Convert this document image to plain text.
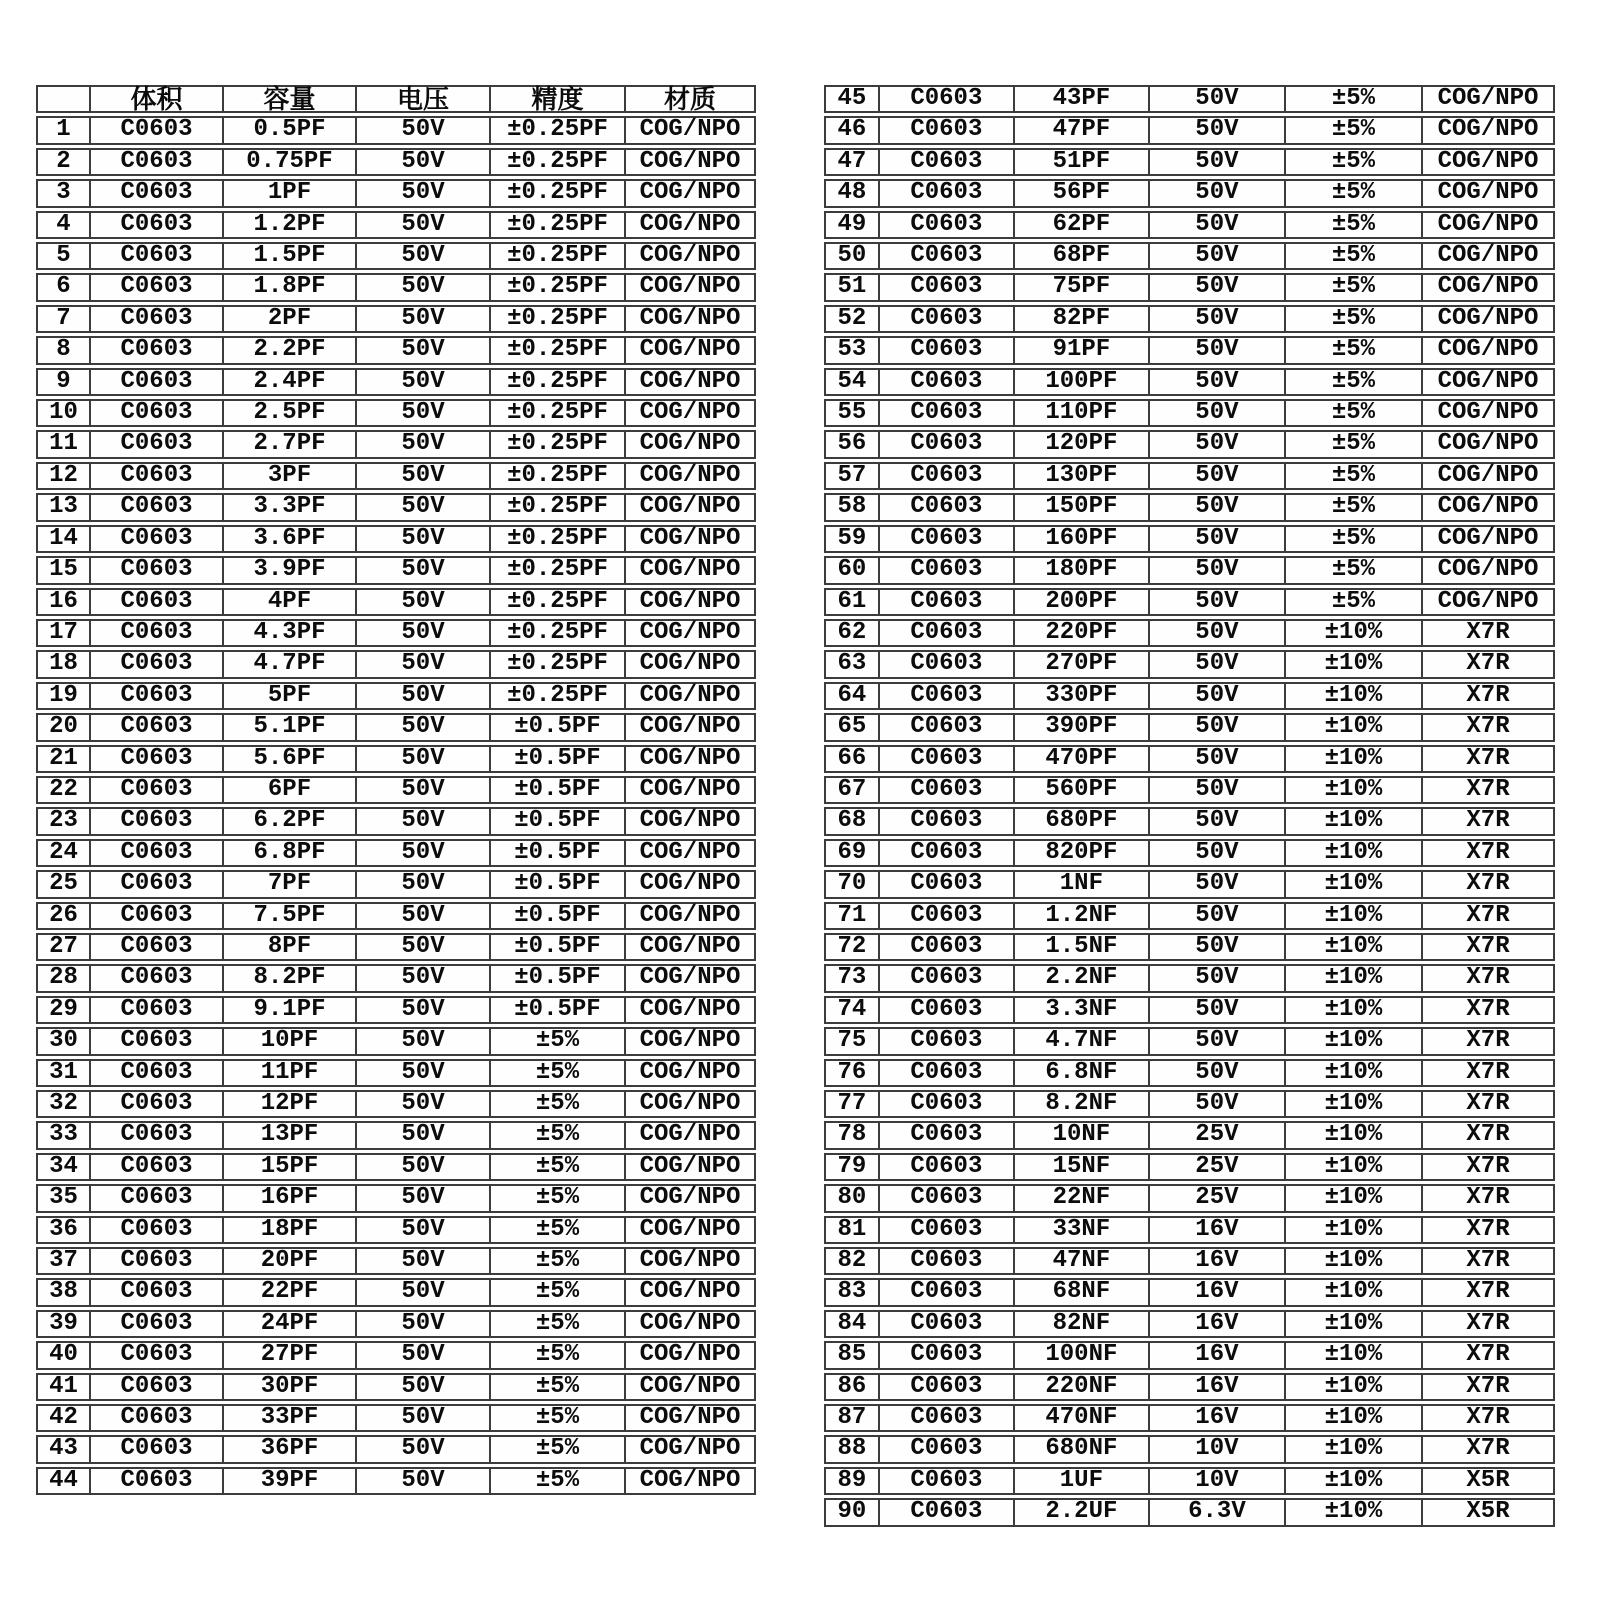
	体积	容量	电压	精度	材质
1	C0603	0.5PF	50V	±0.25PF	COG/NPO
2	C0603	0.75PF	50V	±0.25PF	COG/NPO
3	C0603	1PF	50V	±0.25PF	COG/NPO
4	C0603	1.2PF	50V	±0.25PF	COG/NPO
5	C0603	1.5PF	50V	±0.25PF	COG/NPO
6	C0603	1.8PF	50V	±0.25PF	COG/NPO
7	C0603	2PF	50V	±0.25PF	COG/NPO
8	C0603	2.2PF	50V	±0.25PF	COG/NPO
9	C0603	2.4PF	50V	±0.25PF	COG/NPO
10	C0603	2.5PF	50V	±0.25PF	COG/NPO
11	C0603	2.7PF	50V	±0.25PF	COG/NPO
12	C0603	3PF	50V	±0.25PF	COG/NPO
13	C0603	3.3PF	50V	±0.25PF	COG/NPO
14	C0603	3.6PF	50V	±0.25PF	COG/NPO
15	C0603	3.9PF	50V	±0.25PF	COG/NPO
16	C0603	4PF	50V	±0.25PF	COG/NPO
17	C0603	4.3PF	50V	±0.25PF	COG/NPO
18	C0603	4.7PF	50V	±0.25PF	COG/NPO
19	C0603	5PF	50V	±0.25PF	COG/NPO
20	C0603	5.1PF	50V	±0.5PF	COG/NPO
21	C0603	5.6PF	50V	±0.5PF	COG/NPO
22	C0603	6PF	50V	±0.5PF	COG/NPO
23	C0603	6.2PF	50V	±0.5PF	COG/NPO
24	C0603	6.8PF	50V	±0.5PF	COG/NPO
25	C0603	7PF	50V	±0.5PF	COG/NPO
26	C0603	7.5PF	50V	±0.5PF	COG/NPO
27	C0603	8PF	50V	±0.5PF	COG/NPO
28	C0603	8.2PF	50V	±0.5PF	COG/NPO
29	C0603	9.1PF	50V	±0.5PF	COG/NPO
30	C0603	10PF	50V	±5%	COG/NPO
31	C0603	11PF	50V	±5%	COG/NPO
32	C0603	12PF	50V	±5%	COG/NPO
33	C0603	13PF	50V	±5%	COG/NPO
34	C0603	15PF	50V	±5%	COG/NPO
35	C0603	16PF	50V	±5%	COG/NPO
36	C0603	18PF	50V	±5%	COG/NPO
37	C0603	20PF	50V	±5%	COG/NPO
38	C0603	22PF	50V	±5%	COG/NPO
39	C0603	24PF	50V	±5%	COG/NPO
40	C0603	27PF	50V	±5%	COG/NPO
41	C0603	30PF	50V	±5%	COG/NPO
42	C0603	33PF	50V	±5%	COG/NPO
43	C0603	36PF	50V	±5%	COG/NPO
44	C0603	39PF	50V	±5%	COG/NPO
45	C0603	43PF	50V	±5%	COG/NPO
46	C0603	47PF	50V	±5%	COG/NPO
47	C0603	51PF	50V	±5%	COG/NPO
48	C0603	56PF	50V	±5%	COG/NPO
49	C0603	62PF	50V	±5%	COG/NPO
50	C0603	68PF	50V	±5%	COG/NPO
51	C0603	75PF	50V	±5%	COG/NPO
52	C0603	82PF	50V	±5%	COG/NPO
53	C0603	91PF	50V	±5%	COG/NPO
54	C0603	100PF	50V	±5%	COG/NPO
55	C0603	110PF	50V	±5%	COG/NPO
56	C0603	120PF	50V	±5%	COG/NPO
57	C0603	130PF	50V	±5%	COG/NPO
58	C0603	150PF	50V	±5%	COG/NPO
59	C0603	160PF	50V	±5%	COG/NPO
60	C0603	180PF	50V	±5%	COG/NPO
61	C0603	200PF	50V	±5%	COG/NPO
62	C0603	220PF	50V	±10%	X7R
63	C0603	270PF	50V	±10%	X7R
64	C0603	330PF	50V	±10%	X7R
65	C0603	390PF	50V	±10%	X7R
66	C0603	470PF	50V	±10%	X7R
67	C0603	560PF	50V	±10%	X7R
68	C0603	680PF	50V	±10%	X7R
69	C0603	820PF	50V	±10%	X7R
70	C0603	1NF	50V	±10%	X7R
71	C0603	1.2NF	50V	±10%	X7R
72	C0603	1.5NF	50V	±10%	X7R
73	C0603	2.2NF	50V	±10%	X7R
74	C0603	3.3NF	50V	±10%	X7R
75	C0603	4.7NF	50V	±10%	X7R
76	C0603	6.8NF	50V	±10%	X7R
77	C0603	8.2NF	50V	±10%	X7R
78	C0603	10NF	25V	±10%	X7R
79	C0603	15NF	25V	±10%	X7R
80	C0603	22NF	25V	±10%	X7R
81	C0603	33NF	16V	±10%	X7R
82	C0603	47NF	16V	±10%	X7R
83	C0603	68NF	16V	±10%	X7R
84	C0603	82NF	16V	±10%	X7R
85	C0603	100NF	16V	±10%	X7R
86	C0603	220NF	16V	±10%	X7R
87	C0603	470NF	16V	±10%	X7R
88	C0603	680NF	10V	±10%	X7R
89	C0603	1UF	10V	±10%	X5R
90	C0603	2.2UF	6.3V	±10%	X5R
